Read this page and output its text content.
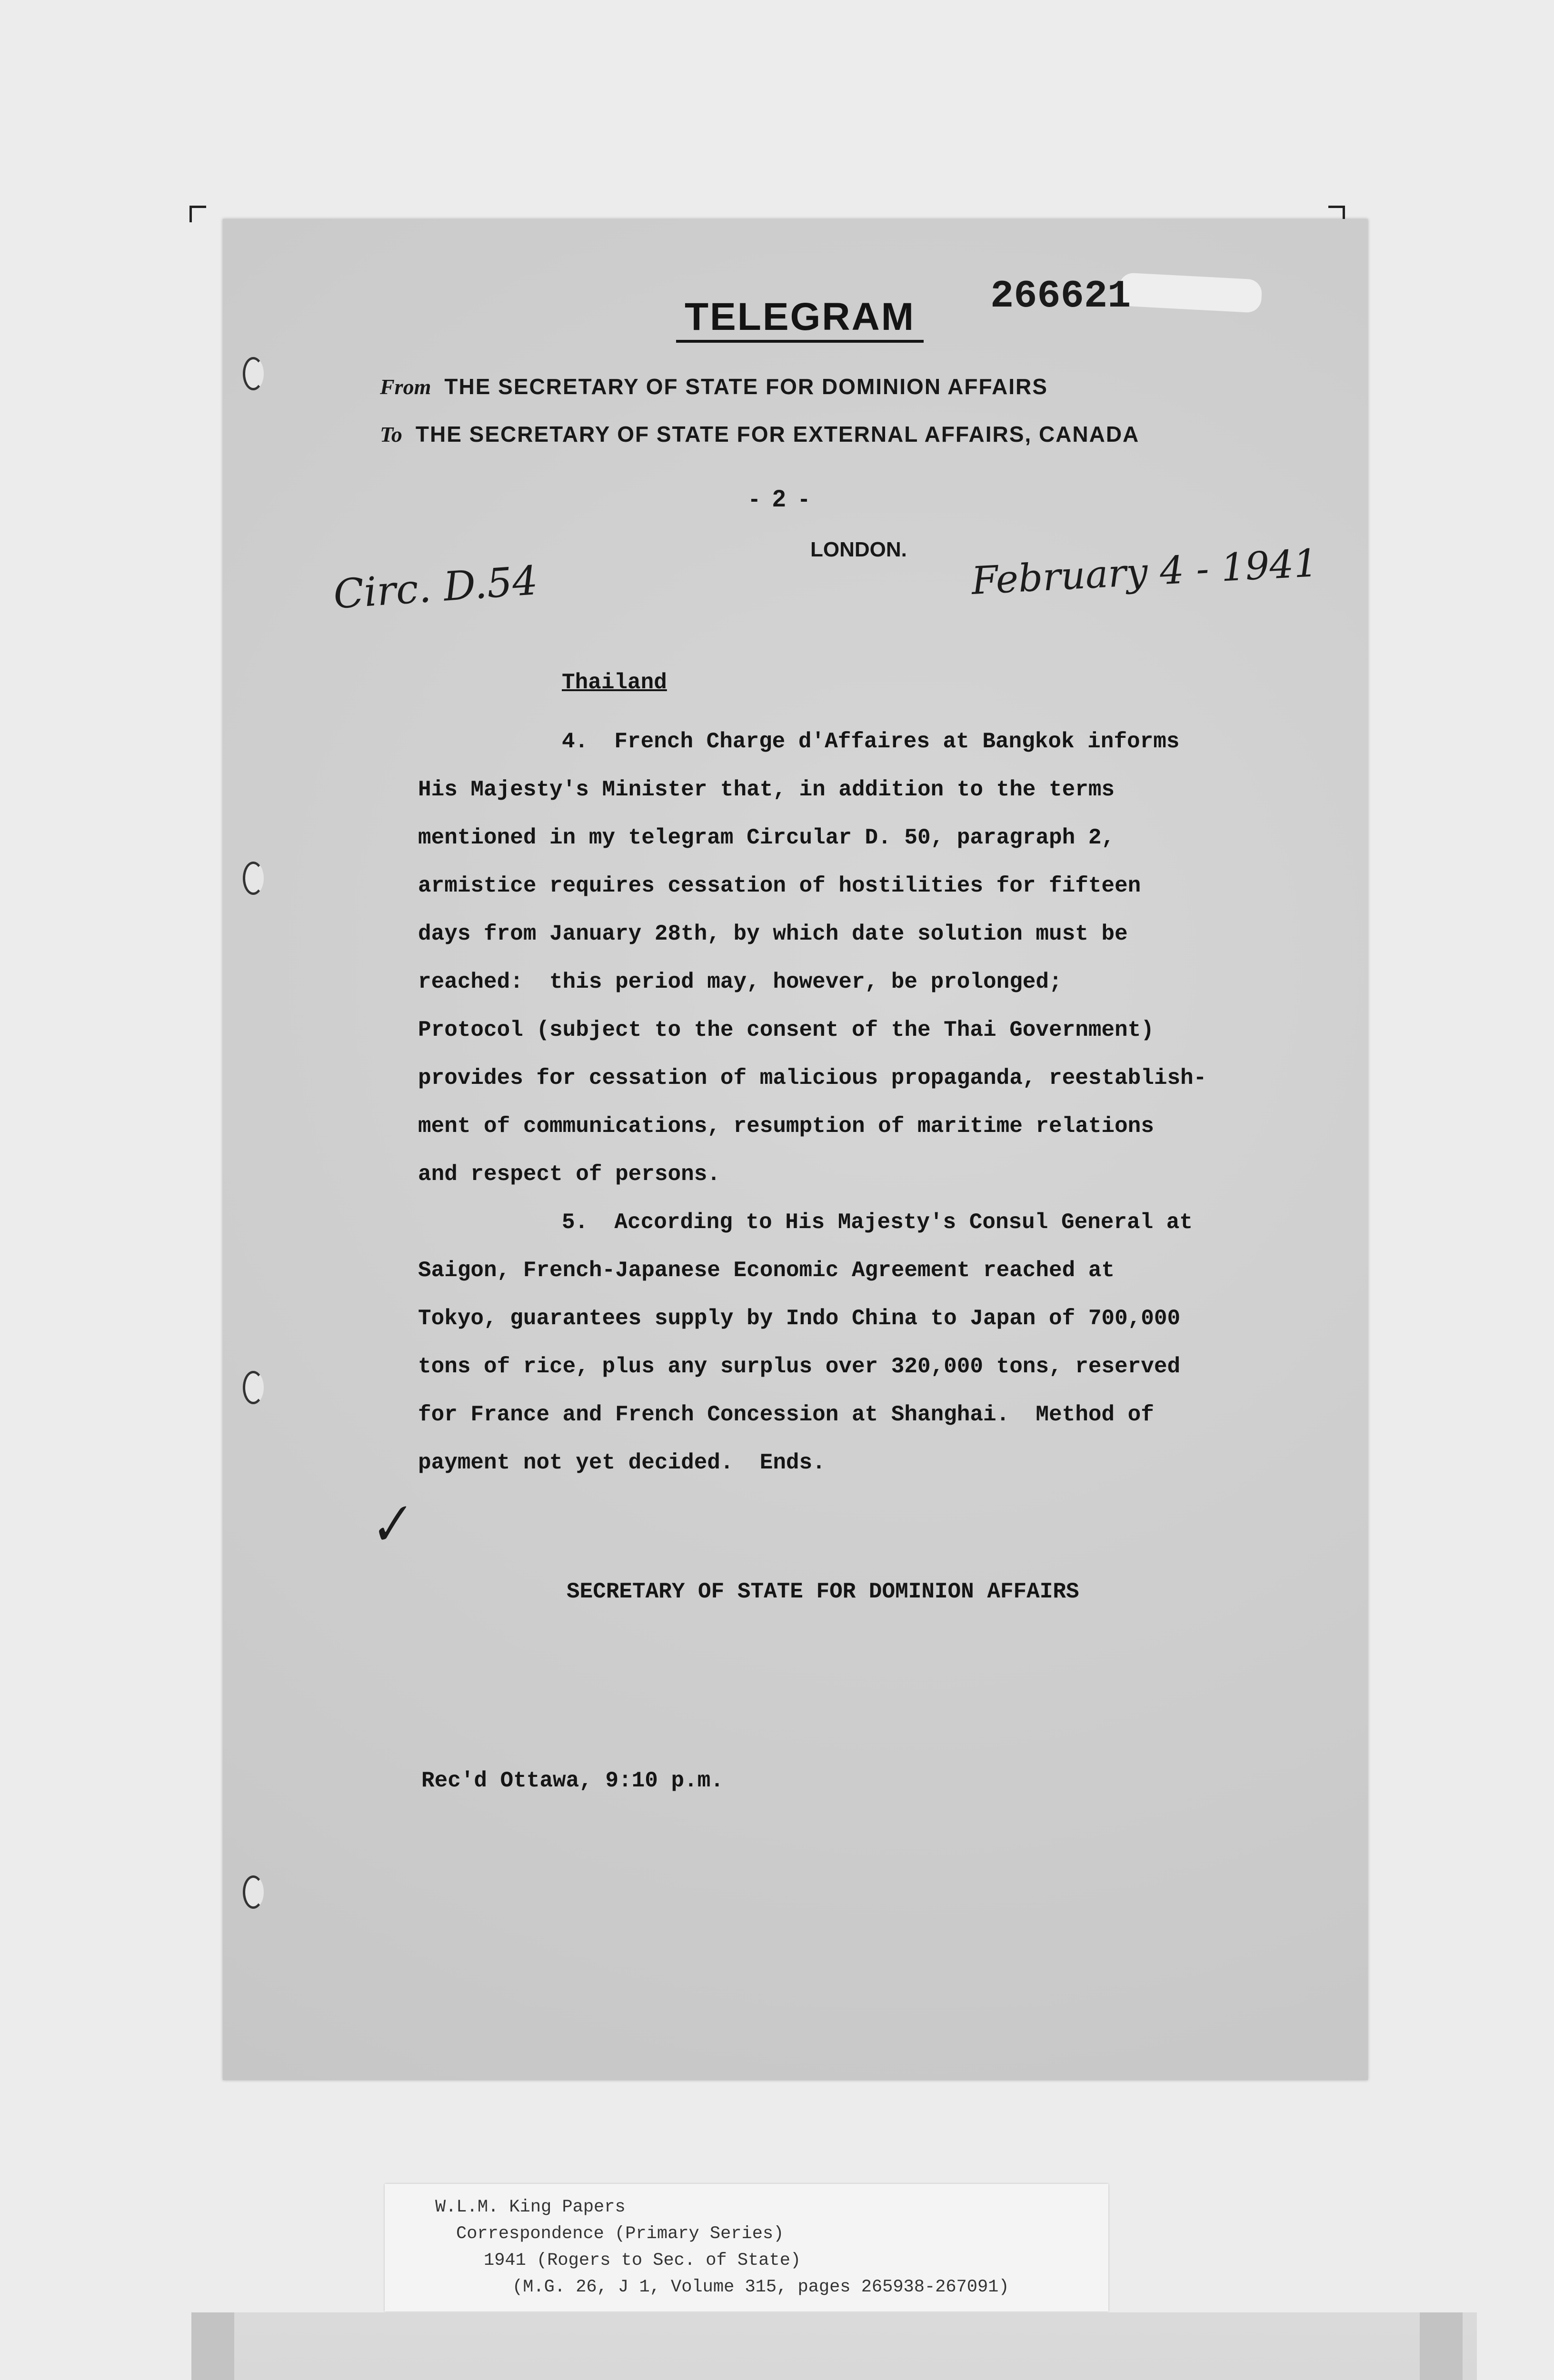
266621
TELEGRAM
From THE SECRETARY OF STATE FOR DOMINION AFFAIRS
To THE SECRETARY OF STATE FOR EXTERNAL AFFAIRS, CANADA
- 2 -
LONDON.
Circ. D.54	February 4 - 1941
✓
Thailand
4.  French Charge d'Affaires at Bangkok informs
His Majesty's Minister that, in addition to the terms
mentioned in my telegram Circular D. 50, paragraph 2,
armistice requires cessation of hostilities for fifteen
days from January 28th, by which date solution must be
reached:  this period may, however, be prolonged;
Protocol (subject to the consent of the Thai Government)
provides for cessation of malicious propaganda, reestablish-
ment of communications, resumption of maritime relations
and respect of persons.
5.  According to His Majesty's Consul General at
Saigon, French-Japanese Economic Agreement reached at
Tokyo, guarantees supply by Indo China to Japan of 700,000
tons of rice, plus any surplus over 320,000 tons, reserved
for France and French Concession at Shanghai.  Method of
payment not yet decided.  Ends.
SECRETARY OF STATE FOR DOMINION AFFAIRS
Rec'd Ottawa, 9:10 p.m.
W.L.M. King Papers
Correspondence (Primary Series)
1941 (Rogers to Sec. of State)
(M.G. 26, J 1, Volume 315, pages 265938-267091)
